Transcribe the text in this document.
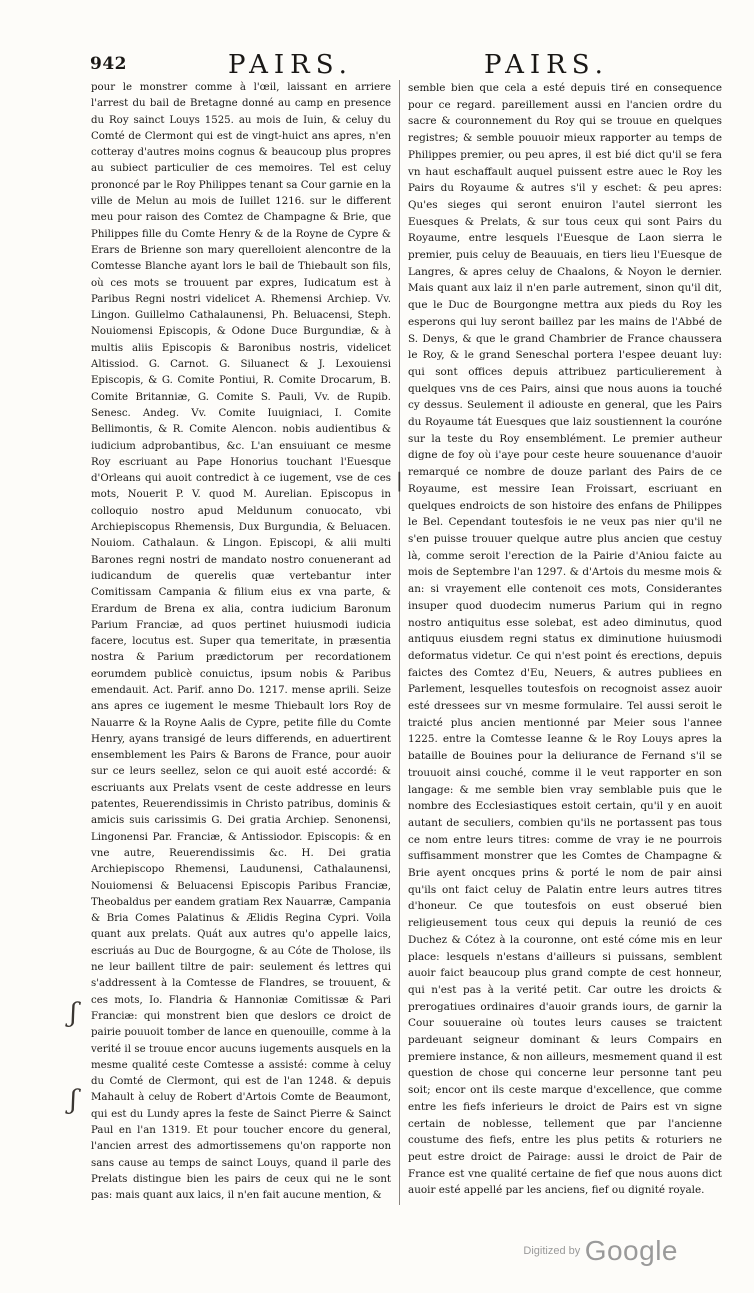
942	PAIRS.	PAIRS.

pour le monstrer comme à l'œil, laissant en arriere l'arrest du bail de Bretagne donné au camp en presence du Roy sainct Louys 1525. au mois de Iuin, & celuy du Comté de Clermont qui est de vingt-huict ans apres, n'en cotteray d'autres moins cognus & beaucoup plus propres au subiect particulier de ces memoires. Tel est celuy prononcé par le Roy Philippes tenant sa Cour garnie en la ville de Melun au mois de Iuillet 1216. sur le different meu pour raison des Comtez de Champagne & Brie, que Philippes fille du Comte Henry & de la Royne de Cypre & Erars de Brienne son mary querelloient alencontre de la Comtesse Blanche ayant lors le bail de Thiebault son fils, où ces mots se trouuent par expres, Iudicatum est à Paribus Regni nostri videlicet A. Rhemensi Archiep. Vv. Lingon. Guillelmo Cathalaunensi, Ph. Beluacensi, Steph. Nouiomensi Episcopis, & Odone Duce Burgundiæ, & à multis aliis Episcopis & Baronibus nostris, videlicet Altissiod. G. Carnot. G. Siluanect & J. Lexouiensi Episcopis, & G. Comite Pontiui, R. Comite Drocarum, B. Comite Britanniæ, G. Comite S. Pauli, Vv. de Rupib. Senesc. Andeg. Vv. Comite Iuuigniaci, I. Comite Bellimontis, & R. Comite Alencon. nobis audientibus & iudicium adprobantibus, &c. L'an ensuiuant ce mesme Roy escriuant au Pape Honorius touchant l'Euesque d'Orleans qui auoit contredict à ce iugement, vse de ces mots, Nouerit P. V. quod M. Aurelian. Episcopus in colloquio nostro apud Meldunum conuocato, vbi Archiepiscopus Rhemensis, Dux Burgundia, & Beluacen. Nouiom. Cathalaun. & Lingon. Episcopi, & alii multi Barones regni nostri de mandato nostro conuenerant ad iudicandum de querelis quæ vertebantur inter Comitissam Campania & filium eius ex vna parte, & Erardum de Brena ex alia, contra iudicium Baronum Parium Franciæ, ad quos pertinet huiusmodi iudicia facere, locutus est. Super qua temeritate, in præsentia nostra & Parium prædictorum per recordationem eorumdem publicè conuictus, ipsum nobis & Paribus emendauit. Act. Parif. anno Do. 1217. mense aprili. Seize ans apres ce iugement le mesme Thiebault lors Roy de Nauarre & la Royne Aalis de Cypre, petite fille du Comte Henry, ayans transigé de leurs differends, en aduertirent ensemblement les Pairs & Barons de France, pour auoir sur ce leurs seellez, selon ce qui auoit esté accordé: & escriuants aux Prelats vsent de ceste addresse en leurs patentes, Reuerendissimis in Christo patribus, dominis & amicis suis carissimis G. Dei gratia Archiep. Senonensi, Lingonensi Par. Franciæ, & Antissiodor. Episcopis: & en vne autre, Reuerendissimis &c. H. Dei gratia Archiepiscopo Rhemensi, Laudunensi, Cathalaunensi, Nouiomensi & Beluacensi Episcopis Paribus Franciæ, Theobaldus per eandem gratiam Rex Nauarræ, Campania & Bria Comes Palatinus & Ælidis Regina Cypri. Voila quant aux prelats. Quát aux autres qu'o appelle laics, escriuás au Duc de Bourgogne, & au Cóte de Tholose, ils ne leur baillent tiltre de pair: seulement és lettres qui s'addressent à la Comtesse de Flandres, se trouuent, & ces mots, Io. Flandria & Hannoniæ Comitissæ & Pari Franciæ: qui monstrent bien que deslors ce droict de pairie pouuoit tomber de lance en quenouille, comme à la verité il se trouue encor aucuns iugements ausquels en la mesme qualité ceste Comtesse a assisté: comme à celuy du Comté de Clermont, qui est de l'an 1248. & depuis Mahault à celuy de Robert d'Artois Comte de Beaumont, qui est du Lundy apres la feste de Sainct Pierre & Sainct Paul en l'an 1319. Et pour toucher encore du general, l'ancien arrest des admortissemens qu'on rapporte non sans cause au temps de sainct Louys, quand il parle des Prelats distingue bien les pairs de ceux qui ne le sont pas: mais quant aux laics, il n'en fait aucune mention, &

semble bien que cela a esté depuis tiré en consequence pour ce regard. pareillement aussi en l'ancien ordre du sacre & couronnement du Roy qui se trouue en quelques registres; & semble pouuoir mieux rapporter au temps de Philippes premier, ou peu apres, il est bié dict qu'il se fera vn haut eschaffault auquel puissent estre auec le Roy les Pairs du Royaume & autres s'il y eschet: & peu apres: Qu'es sieges qui seront enuiron l'autel sierront les Euesques & Prelats, & sur tous ceux qui sont Pairs du Royaume, entre lesquels l'Euesque de Laon sierra le premier, puis celuy de Beauuais, en tiers lieu l'Euesque de Langres, & apres celuy de Chaalons, & Noyon le dernier. Mais quant aux laiz il n'en parle autrement, sinon qu'il dit, que le Duc de Bourgongne mettra aux pieds du Roy les esperons qui luy seront baillez par les mains de l'Abbé de S. Denys, & que le grand Chambrier de France chaussera le Roy, & le grand Seneschal portera l'espee deuant luy: qui sont offices depuis attribuez particulierement à quelques vns de ces Pairs, ainsi que nous auons ia touché cy dessus. Seulement il adiouste en general, que les Pairs du Royaume tát Euesques que laiz soustiennent la couróne sur la teste du Roy ensemblément. Le premier autheur digne de foy où i'aye pour ceste heure souuenance d'auoir remarqué ce nombre de douze parlant des Pairs de ce Royaume, est messire Iean Froissart, escriuant en quelques endroicts de son histoire des enfans de Philippes le Bel. Cependant toutesfois ie ne veux pas nier qu'il ne s'en puisse trouuer quelque autre plus ancien que cestuy là, comme seroit l'erection de la Pairie d'Aniou faicte au mois de Septembre l'an 1297. & d'Artois du mesme mois & an: si vrayement elle contenoit ces mots, Considerantes insuper quod duodecim numerus Parium qui in regno nostro antiquitus esse solebat, est adeo diminutus, quod antiquus eiusdem regni status ex diminutione huiusmodi deformatus videtur. Ce qui n'est point és erections, depuis faictes des Comtez d'Eu, Neuers, & autres publiees en Parlement, lesquelles toutesfois on recognoist assez auoir esté dressees sur vn mesme formulaire. Tel aussi seroit le traicté plus ancien mentionné par Meier sous l'annee 1225. entre la Comtesse Ieanne & le Roy Louys apres la bataille de Bouines pour la deliurance de Fernand s'il se trouuoit ainsi couché, comme il le veut rapporter en son langage: & me semble bien vray semblable puis que le nombre des Ecclesiastiques estoit certain, qu'il y en auoit autant de seculiers, combien qu'ils ne portassent pas tous ce nom entre leurs titres: comme de vray ie ne pourrois suffisamment monstrer que les Comtes de Champagne & Brie ayent oncques prins & porté le nom de pair ainsi qu'ils ont faict celuy de Palatin entre leurs autres titres d'honeur. Ce que toutesfois on eust obserué bien religieusement tous ceux qui depuis la reunió de ces Duchez & Cótez à la couronne, ont esté cóme mis en leur place: lesquels n'estans d'ailleurs si puissans, semblent auoir faict beaucoup plus grand compte de cest honneur, qui n'est pas à la verité petit. Car outre les droicts & prerogatiues ordinaires d'auoir grands iours, de garnir la Cour souueraine où toutes leurs causes se traictent pardeuant seigneur dominant & leurs Compairs en premiere instance, & non ailleurs, mesmement quand il est question de chose qui concerne leur personne tant peu soit; encor ont ils ceste marque d'excellence, que comme entre les fiefs inferieurs le droict de Pairs est vn signe certain de noblesse, tellement que par l'ancienne coustume des fiefs, entre les plus petits & roturiers ne peut estre droict de Pairage: aussi le droict de Pair de France est vne qualité certaine de fief que nous auons dict auoir esté appellé par les anciens, fief ou dignité royale.

ʃ
ʃ
|
Digitized by Google
